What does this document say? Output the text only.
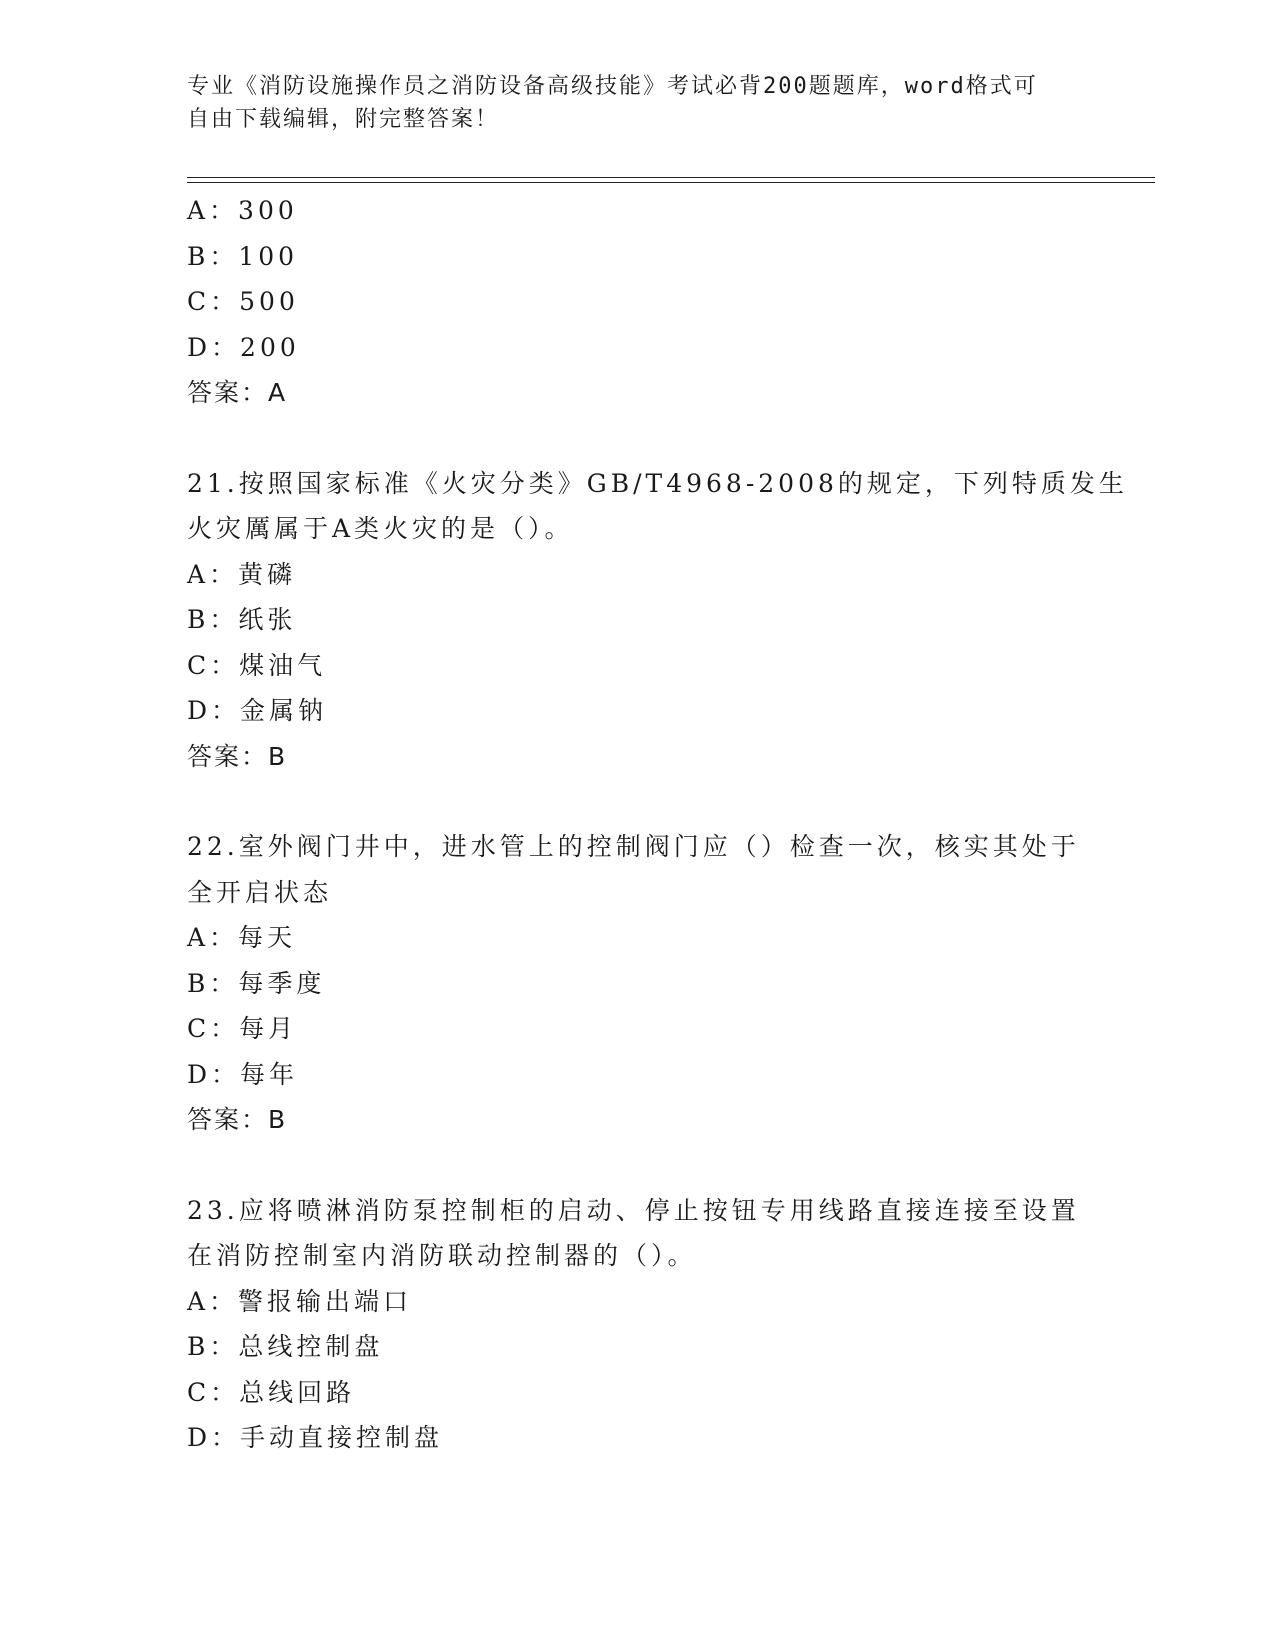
专业《消防设施操作员之消防设备高级技能》考试必背200题题库，word格式可
自由下载编辑，附完整答案！
A：300
B：100
C：500
D：200
答案：A
21.按照国家标准《火灾分类》GB/T4968-2008的规定，下列特质发生
火灾厲属于A类火灾的是（）。
A：黄磷
B：纸张
C：煤油气
D：金属钠
答案：B
22.室外阀门井中，进水管上的控制阀门应（）检查一次，核实其处于
全开启状态
A：每天
B：每季度
C：每月
D：每年
答案：B
23.应将喷淋消防泵控制柜的启动、停止按钮专用线路直接连接至设置
在消防控制室内消防联动控制器的（）。
A：警报输出端口
B：总线控制盘
C：总线回路
D：手动直接控制盘
